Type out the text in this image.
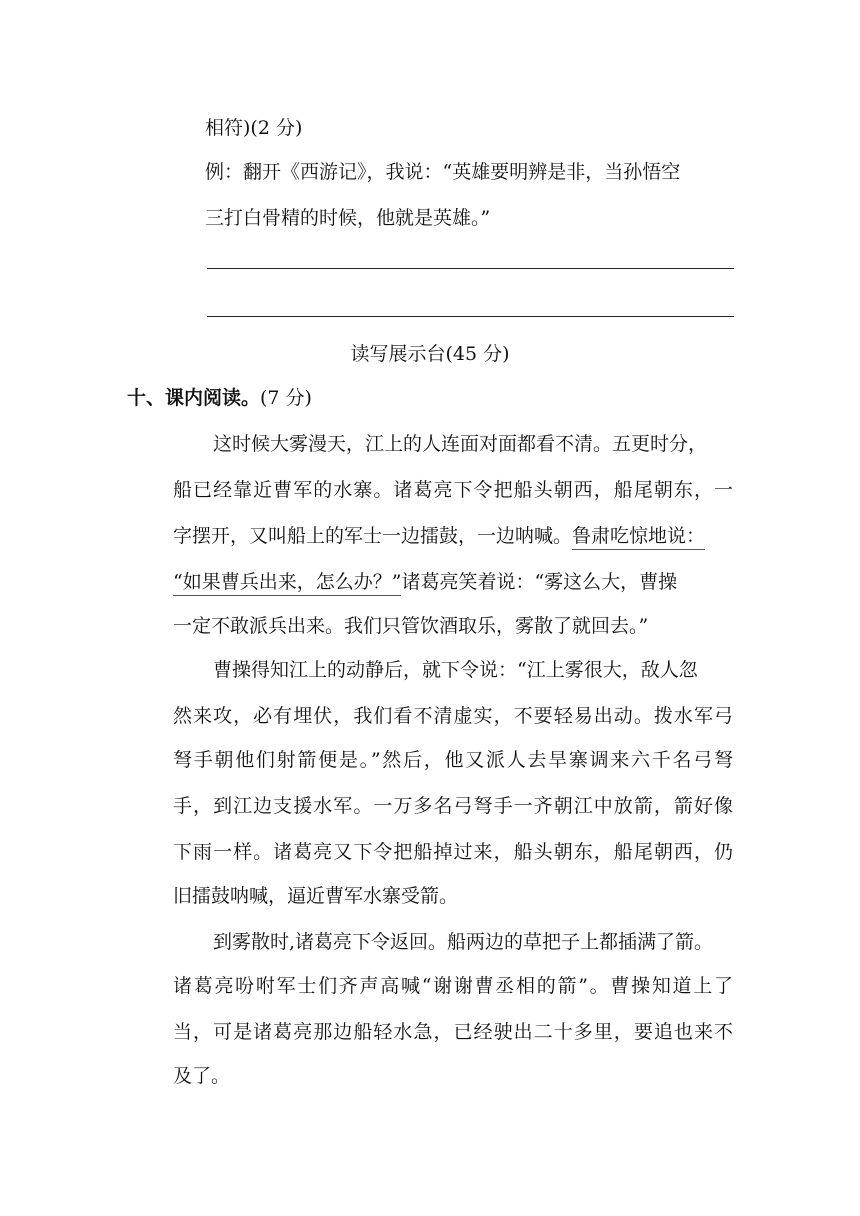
相符)(2 分)
例：翻开《西游记》，我说：“英雄要明辨是非，当孙悟空
三打白骨精的时候，他就是英雄。”
读写展示台(45 分)
十、课内阅读。(7 分)
这时候大雾漫天，江上的人连面对面都看不清。五更时分，
船已经靠近曹军的水寨。诸葛亮下令把船头朝西，船尾朝东，一
字摆开，又叫船上的军士一边擂鼓，一边呐喊。鲁肃吃惊地说：
“如果曹兵出来，怎么办？”诸葛亮笑着说：“雾这么大，曹操
一定不敢派兵出来。我们只管饮酒取乐，雾散了就回去。”
曹操得知江上的动静后，就下令说：“江上雾很大，敌人忽
然来攻，必有埋伏，我们看不清虚实，不要轻易出动。拨水军弓
弩手朝他们射箭便是。”然后，他又派人去旱寨调来六千名弓弩
手，到江边支援水军。一万多名弓弩手一齐朝江中放箭，箭好像
下雨一样。诸葛亮又下令把船掉过来，船头朝东，船尾朝西，仍
旧擂鼓呐喊，逼近曹军水寨受箭。
到雾散时,诸葛亮下令返回。船两边的草把子上都插满了箭。
诸葛亮吩咐军士们齐声高喊“谢谢曹丞相的箭”。曹操知道上了
当，可是诸葛亮那边船轻水急，已经驶出二十多里，要追也来不
及了。
